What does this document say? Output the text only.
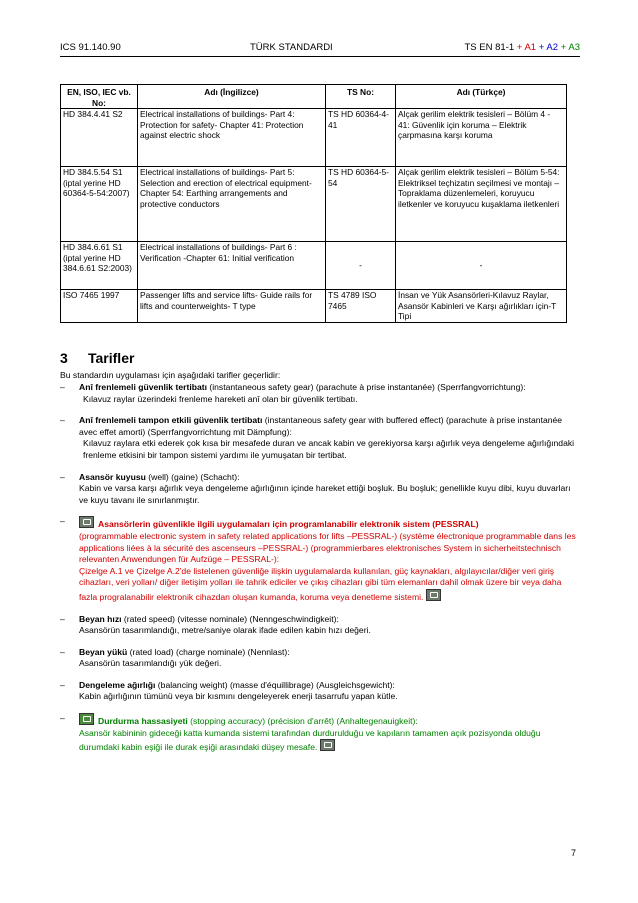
ICS 91.140.90	TÜRK STANDARDI	TS EN 81-1 + A1 + A2 + A3
EN, ISO, IEC vb. No:	Adı (İngilizce)	TS No:	Adı (Türkçe)
HD 384.4.41 S2	Electrical installations of buildings- Part 4: Protection for safety- Chapter 41: Protection against electric shock	TS HD 60364-4-41	Alçak gerilim elektrik tesisleri – Bölüm 4 - 41: Güvenlik için koruma – Elektrik çarpmasına karşı koruma
HD 384.5.54 S1 (iptal yerine HD 60364-5-54:2007)	Electrical installations of buildings- Part 5: Selection and erection of electrical equipment- Chapter 54: Earthing arrangements and protective conductors	TS HD 60364-5-54	Alçak gerilim elektrik tesisleri – Bölüm 5-54: Elektriksel teçhizatın seçilmesi ve montajı – Topraklama düzenlemeleri, koruyucu iletkenler ve koruyucu kuşaklama iletkenleri
HD 384.6.61 S1 (iptal yerine HD 384.6.61 S2:2003)	Electrical installations of buildings- Part 6 : Verification -Chapter 61: Initial verification	-	-
ISO 7465 1997	Passenger lifts and service lifts- Guide rails for lifts and counterweights- T type	TS 4789 ISO 7465	İnsan ve Yük Asansörleri-Kılavuz Raylar, Asansör Kabinleri ve Karşı ağırlıkları için-T Tipi
3 Tarifler
Bu standardın uygulaması için aşağıdaki tarifler geçerlidir:
– Anî frenlemeli güvenlik tertibatı (instantaneous safety gear) (parachute à prise instantanée) (Sperrfangvorrichtung):
Kılavuz raylar üzerindeki frenleme hareketi anî olan bir güvenlik tertibatı.
– Anî frenlemeli tampon etkili güvenlik tertibatı (instantaneous safety gear with buffered effect) (parachute à prise instantanée avec effet amorti) (Sperrfangvorrichtung mit Dämpfung):
Kılavuz raylara etki ederek çok kısa bir mesafede duran ve ancak kabin ve gerekiyorsa karşı ağırlık veya dengeleme ağırlığındaki frenleme etkisini bir tampon sistemi yardımı ile yumuşatan bir tertibat.
– Asansör kuyusu (well) (gaine) (Schacht):
Kabin ve varsa karşı ağırlık veya dengeleme ağırlığının içinde hareket ettiği boşluk. Bu boşluk; genellikle kuyu dibi, kuyu duvarları ve kuyu tavanı ile sınırlanmıştır.
–	Asansörlerin güvenlikle ilgili uygulamaları için programlanabilir elektronik sistem (PESSRAL)
(programmable electronic system in safety related applications for lifts –PESSRAL-) (système électronique programmable dans les applications liées à la sécurité des ascenseurs –PESSRAL-) (programmierbares elektronisches System in sicherheitstechnisch relevanten Anwendungen für Aufzüge – PESSRAL-):
Çizelge A.1 ve Çizelge A.2'de listelenen güvenliğe ilişkin uygulamalarda kullanılan, güç kaynakları, algılayıcılar/diğer veri giriş cihazları, veri yolları/ diğer iletişim yolları ile tahrik ediciler ve çıkış cihazları gibi tüm elemanları dahil olmak üzere bir veya daha fazla progralanabilir elektronik cihazdan oluşan kumanda, koruma veya denetleme sistemi.
– Beyan hızı (rated speed) (vitesse nominale) (Nenngeschwindigkeit):
Asansörün tasarımlandığı, metre/saniye olarak ifade edilen kabin hızı değeri.
– Beyan yükü (rated load) (charge nominale) (Nennlast):
Asansörün tasarımlandığı yük değeri.
– Dengeleme ağırlığı (balancing weight) (masse d'équillibrage) (Ausgleichsgewicht):
Kabin ağırlığının tümünü veya bir kısmını dengeleyerek enerji tasarrufu yapan kütle.
–	Durdurma hassasiyeti (stopping accuracy) (précision d'arrêt) (Anhaltegenauigkeit):
Asansör kabininin gideceği katta kumanda sistemi tarafından durdurulduğu ve kapıların tamamen açık pozisyonda olduğu durumdaki kabin eşiği ile durak eşiği arasındaki düşey mesafe.
7
